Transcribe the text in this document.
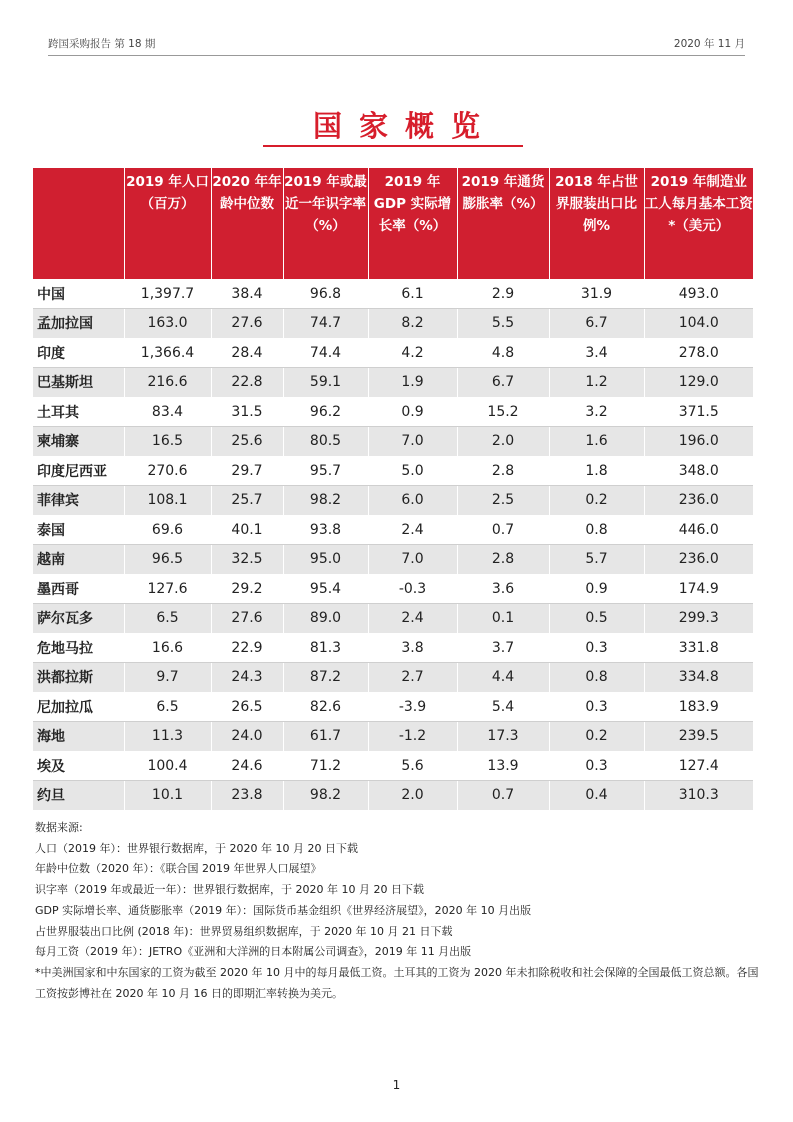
跨国采购报告 第 18 期	2020 年 11 月
国家概览
	2019 年人口（百万）	2020 年年龄中位数	2019 年或最近一年识字率（%）	2019 年 GDP 实际增长率（%）	2019 年通货膨胀率（%）	2018 年占世界服装出口比例%	2019 年制造业工人每月基本工资*（美元）
中国	1,397.7	38.4	96.8	6.1	2.9	31.9	493.0
孟加拉国	163.0	27.6	74.7	8.2	5.5	6.7	104.0
印度	1,366.4	28.4	74.4	4.2	4.8	3.4	278.0
巴基斯坦	216.6	22.8	59.1	1.9	6.7	1.2	129.0
土耳其	83.4	31.5	96.2	0.9	15.2	3.2	371.5
柬埔寨	16.5	25.6	80.5	7.0	2.0	1.6	196.0
印度尼西亚	270.6	29.7	95.7	5.0	2.8	1.8	348.0
菲律宾	108.1	25.7	98.2	6.0	2.5	0.2	236.0
泰国	69.6	40.1	93.8	2.4	0.7	0.8	446.0
越南	96.5	32.5	95.0	7.0	2.8	5.7	236.0
墨西哥	127.6	29.2	95.4	-0.3	3.6	0.9	174.9
萨尔瓦多	6.5	27.6	89.0	2.4	0.1	0.5	299.3
危地马拉	16.6	22.9	81.3	3.8	3.7	0.3	331.8
洪都拉斯	9.7	24.3	87.2	2.7	4.4	0.8	334.8
尼加拉瓜	6.5	26.5	82.6	-3.9	5.4	0.3	183.9
海地	11.3	24.0	61.7	-1.2	17.3	0.2	239.5
埃及	100.4	24.6	71.2	5.6	13.9	0.3	127.4
约旦	10.1	23.8	98.2	2.0	0.7	0.4	310.3
数据来源:
人口（2019 年）：世界银行数据库，于 2020 年 10 月 20 日下载
年龄中位数（2020 年）：《联合国 2019 年世界人口展望》
识字率（2019 年或最近一年）：世界银行数据库，于 2020 年 10 月 20 日下载
GDP 实际增长率、通货膨胀率（2019 年）：国际货币基金组织《世界经济展望》，2020 年 10 月出版
占世界服装出口比例 (2018 年)：世界贸易组织数据库，于 2020 年 10 月 21 日下载
每月工资（2019 年）：JETRO《亚洲和大洋洲的日本附属公司调查》，2019 年 11 月出版
*中美洲国家和中东国家的工资为截至 2020 年 10 月中的每月最低工资。土耳其的工资为 2020 年未扣除税收和社会保障的全国最低工资总额。各国工资按彭博社在 2020 年 10 月 16 日的即期汇率转换为美元。
1
